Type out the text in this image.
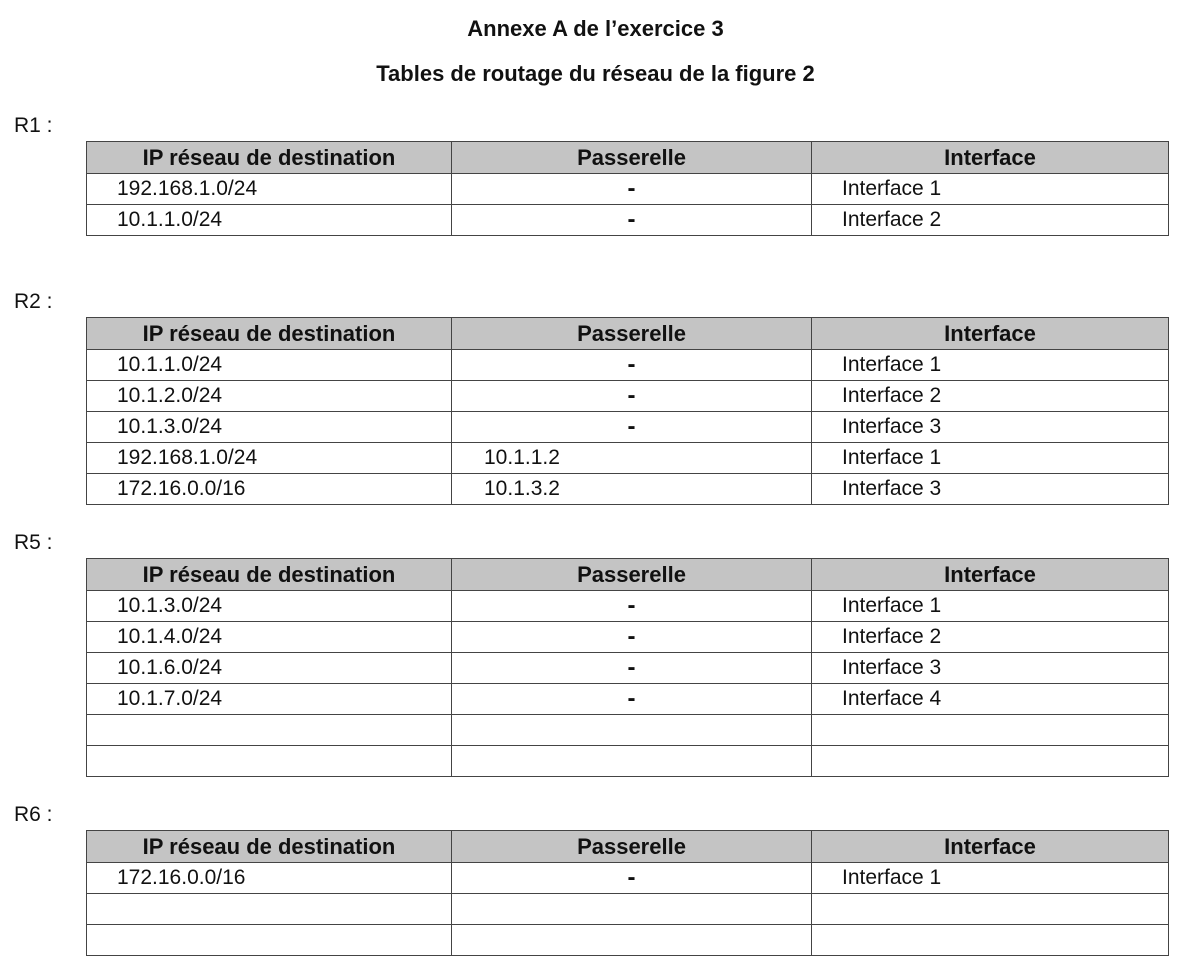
Annexe A de l’exercice 3
Tables de routage du réseau de la figure 2
R1 :
IP réseau de destination	Passerelle	Interface
192.168.1.0/24	-	Interface 1
10.1.1.0/24	-	Interface 2
R2 :
IP réseau de destination	Passerelle	Interface
10.1.1.0/24	-	Interface 1
10.1.2.0/24	-	Interface 2
10.1.3.0/24	-	Interface 3
192.168.1.0/24	10.1.1.2	Interface 1
172.16.0.0/16	10.1.3.2	Interface 3
R5 :
IP réseau de destination	Passerelle	Interface
10.1.3.0/24	-	Interface 1
10.1.4.0/24	-	Interface 2
10.1.6.0/24	-	Interface 3
10.1.7.0/24	-	Interface 4

R6 :
IP réseau de destination	Passerelle	Interface
172.16.0.0/16	-	Interface 1
